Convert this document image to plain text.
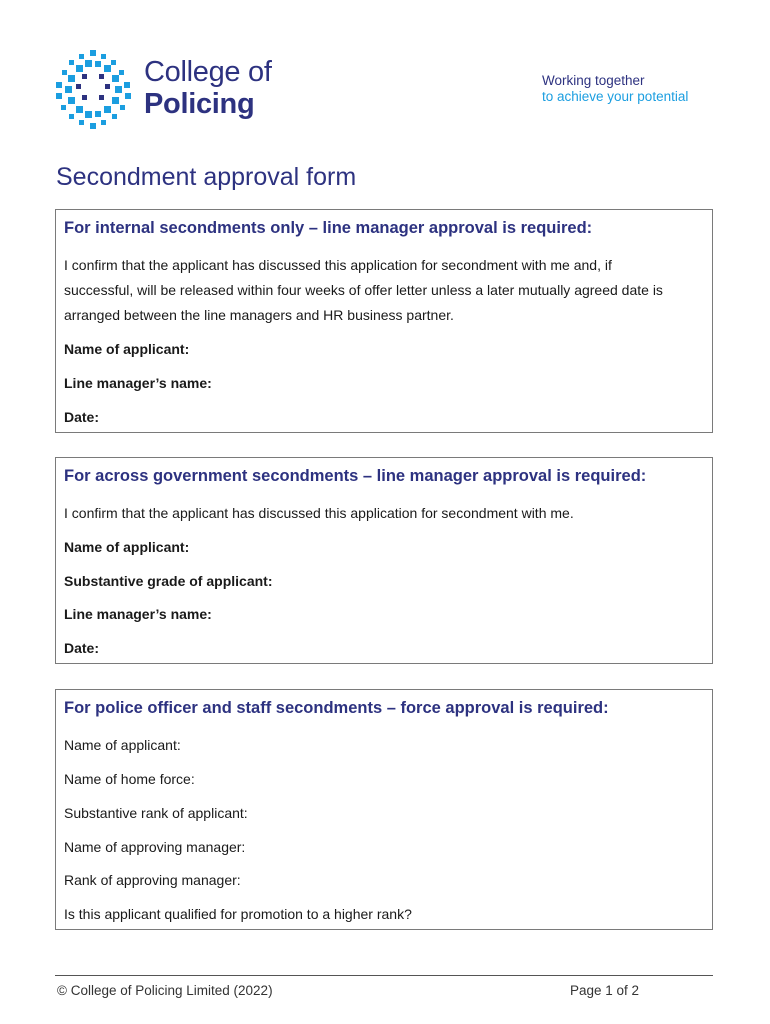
College of
Policing
Working together
to achieve your potential
Secondment approval form
For internal secondments only – line manager approval is required:

I confirm that the applicant has discussed this application for secondment with me and, if successful, will be released within four weeks of offer letter unless a later mutually agreed date is arranged between the line managers and HR business partner.

Name of applicant:

Line manager’s name:

Date:

For across government secondments – line manager approval is required:

I confirm that the applicant has discussed this application for secondment with me.

Name of applicant:

Substantive grade of applicant:

Line manager’s name:

Date:

For police officer and staff secondments – force approval is required:

Name of applicant:

Name of home force:

Substantive rank of applicant:

Name of approving manager:

Rank of approving manager:

Is this applicant qualified for promotion to a higher rank?

© College of Policing Limited (2022)	Page 1 of 2
